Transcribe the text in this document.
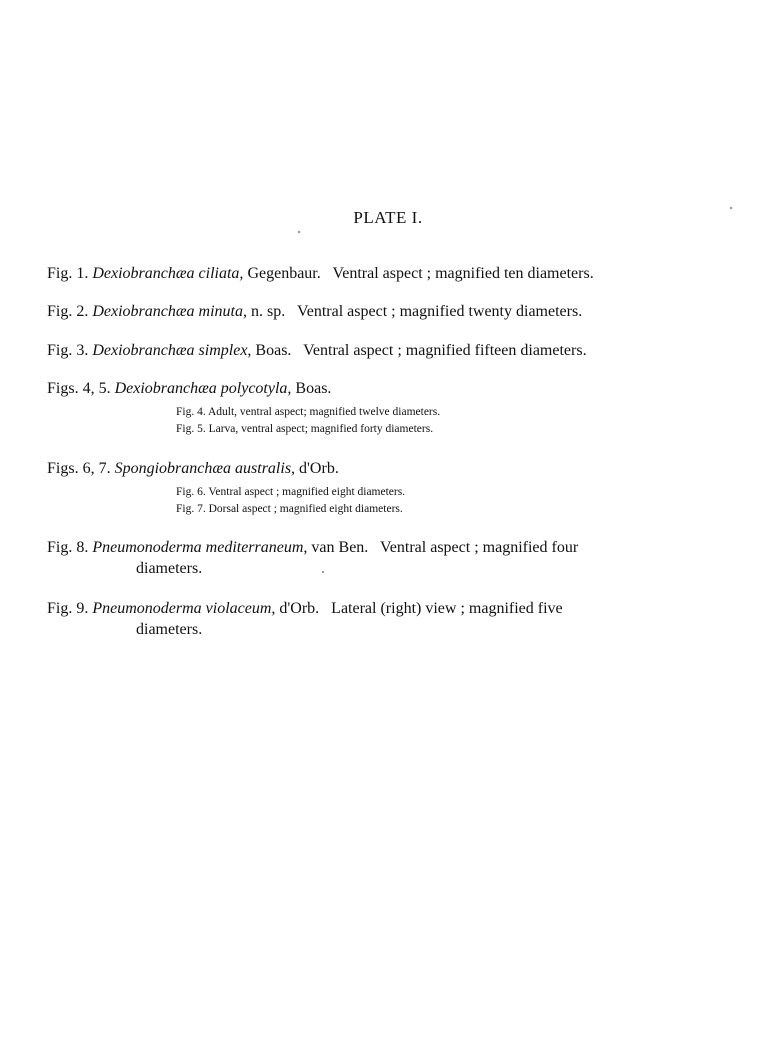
PLATE I.
Fig. 1. Dexiobranchæa ciliata, Gegenbaur. Ventral aspect ; magnified ten diameters.
Fig. 2. Dexiobranchæa minuta, n. sp. Ventral aspect ; magnified twenty diameters.
Fig. 3. Dexiobranchæa simplex, Boas. Ventral aspect ; magnified fifteen diameters.
Figs. 4, 5. Dexiobranchæa polycotyla, Boas.
Fig. 4. Adult, ventral aspect; magnified twelve diameters.
Fig. 5. Larva, ventral aspect; magnified forty diameters.
Figs. 6, 7. Spongiobranchæa australis, d'Orb.
Fig. 6. Ventral aspect ; magnified eight diameters.
Fig. 7. Dorsal aspect ; magnified eight diameters.
Fig. 8. Pneumonoderma mediterraneum, van Ben. Ventral aspect ; magnified four
diameters.
Fig. 9. Pneumonoderma violaceum, d'Orb. Lateral (right) view ; magnified five
diameters.
